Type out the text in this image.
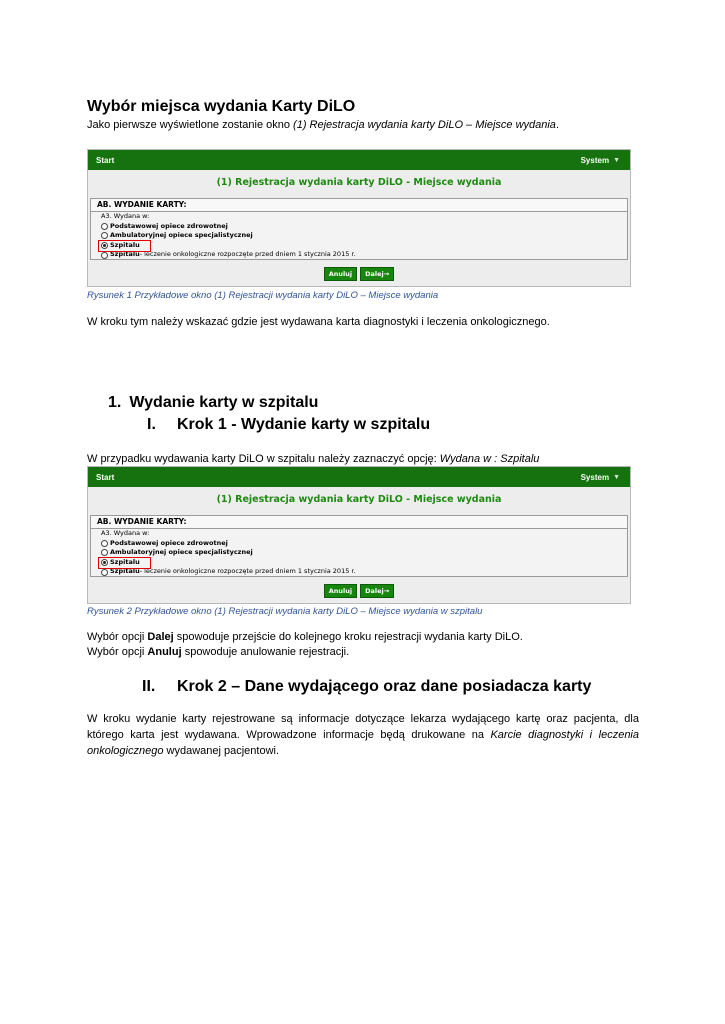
Wybór miejsca wydania Karty DiLO
Jako pierwsze wyświetlone zostanie okno (1) Rejestracja wydania karty DiLO – Miejsce wydania.
Start	System ▼
(1) Rejestracja wydania karty DiLO - Miejsce wydania
AB. WYDANIE KARTY:
A3. Wydana w:
Podstawowej opiece zdrowotnej
Ambulatoryjnej opiece specjalistycznej
Szpitalu
Szpitalu - leczenie onkologiczne rozpoczęte przed dniem 1 stycznia 2015 r.
Anuluj	Dalej→
Rysunek 1 Przykładowe okno (1) Rejestracji wydania karty DiLO – Miejsce wydania
W kroku tym należy wskazać gdzie jest wydawana karta diagnostyki i leczenia onkologicznego.
1. Wydanie karty w szpitalu
I. Krok 1 - Wydanie karty w szpitalu
W przypadku wydawania karty DiLO w szpitalu należy zaznaczyć opcję: Wydana w : Szpitalu
Start	System ▼
(1) Rejestracja wydania karty DiLO - Miejsce wydania
AB. WYDANIE KARTY:
A3. Wydana w:
Podstawowej opiece zdrowotnej
Ambulatoryjnej opiece specjalistycznej
Szpitalu
Szpitalu - leczenie onkologiczne rozpoczęte przed dniem 1 stycznia 2015 r.
Anuluj	Dalej→
Rysunek 2 Przykładowe okno (1) Rejestracji wydania karty DiLO – Miejsce wydania w szpitalu
Wybór opcji Dalej spowoduje przejście do kolejnego kroku rejestracji wydania karty DiLO.
Wybór opcji Anuluj spowoduje anulowanie rejestracji.
II. Krok 2 – Dane wydającego oraz dane posiadacza karty
W kroku wydanie karty rejestrowane są informacje dotyczące lekarza wydającego kartę oraz pacjenta, dla
którego karta jest wydawana. Wprowadzone informacje będą drukowane na Karcie diagnostyki i leczenia
onkologicznego wydawanej pacjentowi.
